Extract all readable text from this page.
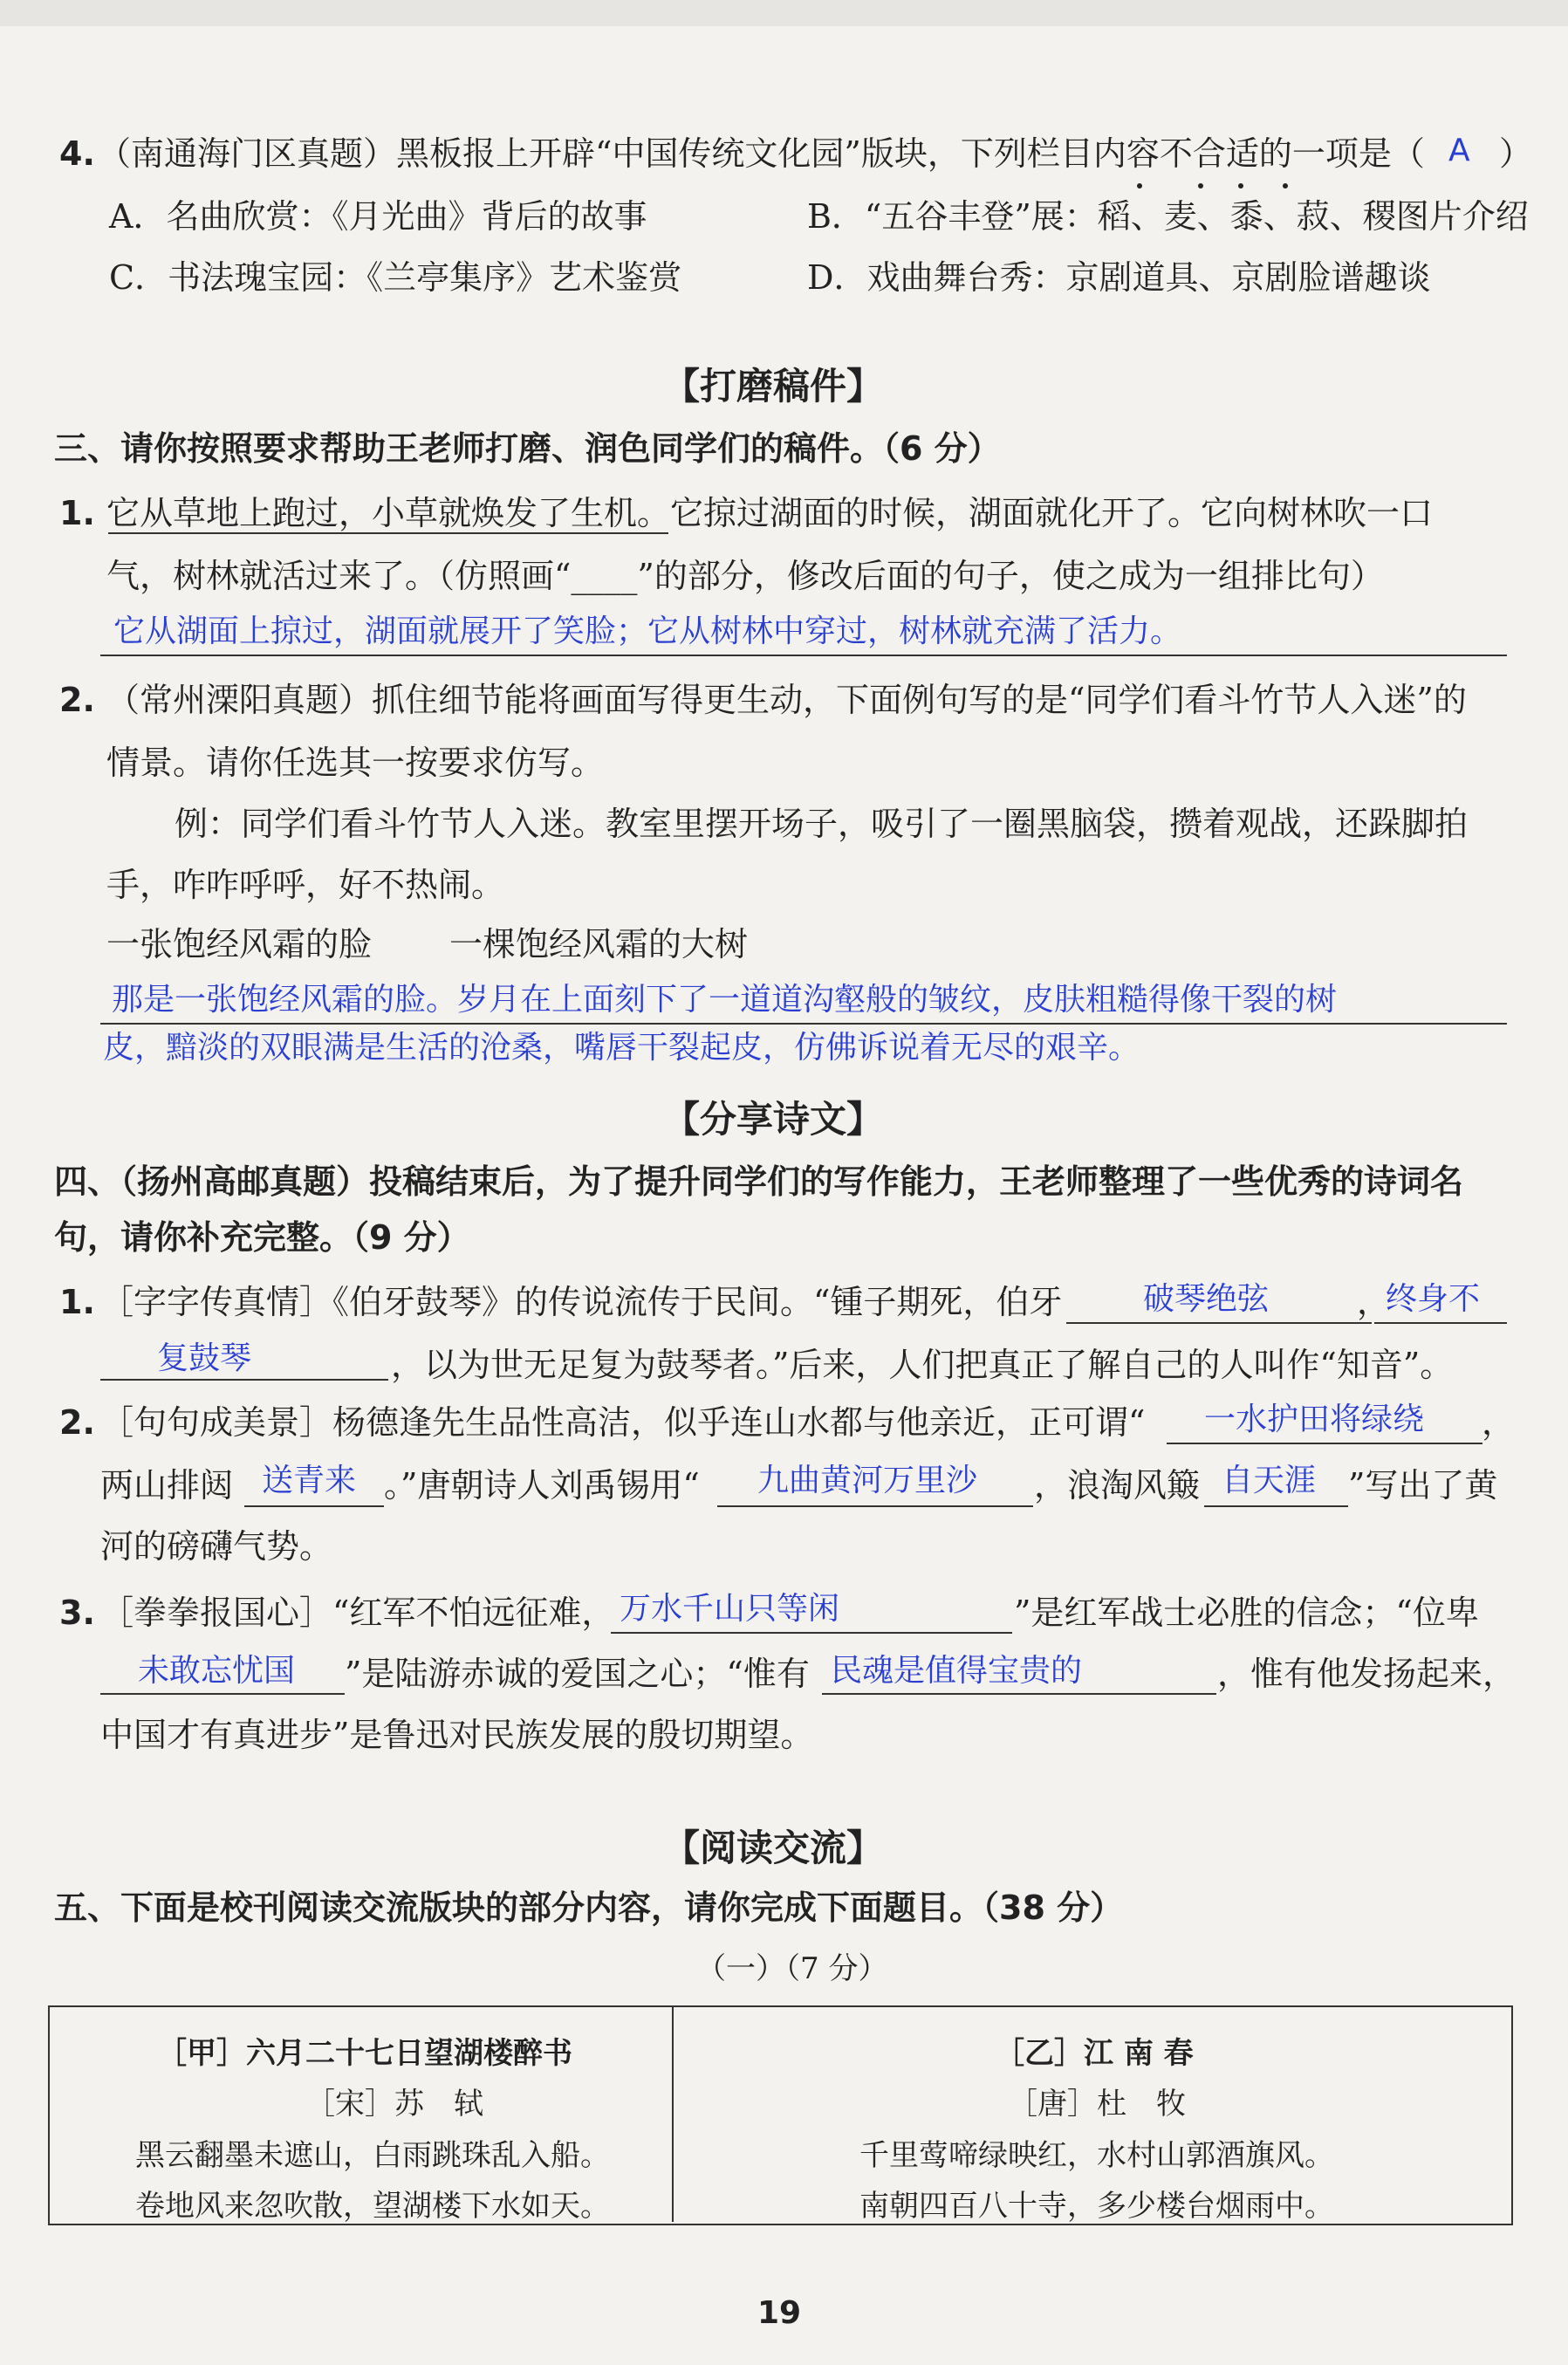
4. （南通海门区真题）黑板报上开辟“中国传统文化园”版块，下列栏目内容不合适的一项是（ A ）
A．名曲欣赏：《月光曲》背后的故事	B．“五谷丰登”展：稻、麦、黍、菽、稷图片介绍
C．书法瑰宝园：《兰亭集序》艺术鉴赏	D．戏曲舞台秀：京剧道具、京剧脸谱趣谈
【打磨稿件】
三、请你按照要求帮助王老师打磨、润色同学们的稿件。（6 分）
1. 它从草地上跑过，小草就焕发了生机。它掠过湖面的时候，湖面就化开了。它向树林吹一口
气，树林就活过来了。（仿照画“____”的部分，修改后面的句子，使之成为一组排比句）
它从湖面上掠过，湖面就展开了笑脸；它从树林中穿过，树林就充满了活力。
2. （常州溧阳真题）抓住细节能将画面写得更生动，下面例句写的是“同学们看斗竹节人入迷”的
情景。请你任选其一按要求仿写。
例：同学们看斗竹节人入迷。教室里摆开场子，吸引了一圈黑脑袋，攒着观战，还跺脚拍
手，咋咋呼呼，好不热闹。
一张饱经风霜的脸 一棵饱经风霜的大树
那是一张饱经风霜的脸。岁月在上面刻下了一道道沟壑般的皱纹，皮肤粗糙得像干裂的树
皮，黯淡的双眼满是生活的沧桑，嘴唇干裂起皮，仿佛诉说着无尽的艰辛。
【分享诗文】
四、（扬州高邮真题）投稿结束后，为了提升同学们的写作能力，王老师整理了一些优秀的诗词名
句，请你补充完整。（9 分）
1. ［字字传真情］《伯牙鼓琴》的传说流传于民间。“锺子期死，伯牙	破琴绝弦	，
终身不
复鼓琴	，以为世无足复为鼓琴者。”后来，人们把真正了解自己的人叫作“知音”。
2. ［句句成美景］杨德逢先生品性高洁，似乎连山水都与他亲近，正可谓“ 一水护田将绿绕 ，
两山排闼 送青来 。”唐朝诗人刘禹锡用“ 九曲黄河万里沙 ，浪淘风簸 自天涯 ”写出了黄
河的磅礴气势。
3. ［拳拳报国心］“红军不怕远征难， 万水千山只等闲	”是红军战士必胜的信念；“位卑
未敢忘忧国 ”是陆游赤诚的爱国之心；“惟有 民魂是值得宝贵的	，惟有他发扬起来，
中国才有真进步”是鲁迅对民族发展的殷切期望。
【阅读交流】
五、下面是校刊阅读交流版块的部分内容，请你完成下面题目。（38 分）
（一）（7 分）
［甲］六月二十七日望湖楼醉书
［宋］苏　轼
黑云翻墨未遮山，白雨跳珠乱入船。
卷地风来忽吹散，望湖楼下水如天。
［乙］江 南 春
［唐］杜　牧
千里莺啼绿映红，水村山郭酒旗风。
南朝四百八十寺，多少楼台烟雨中。
19
